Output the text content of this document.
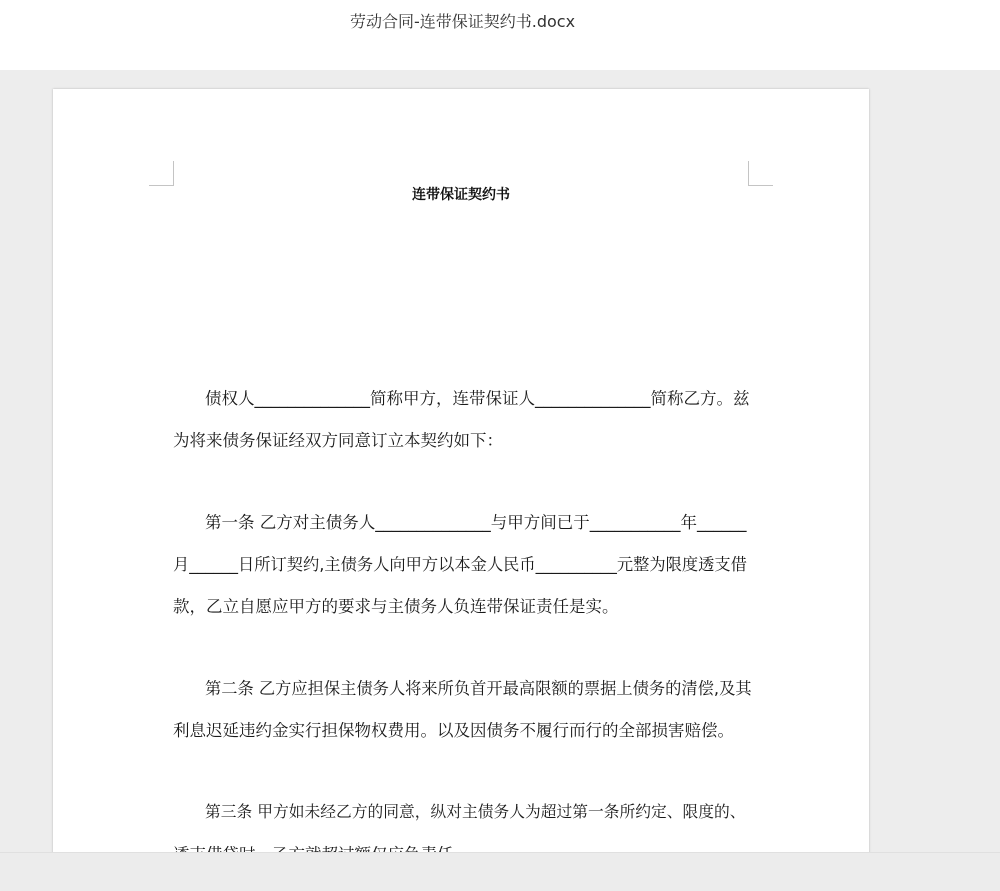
劳动合同-连带保证契约书.docx
连带保证契约书
债权人______________简称甲方，连带保证人______________简称乙方。兹
为将来债务保证经双方同意订立本契约如下：
第一条 乙方对主债务人______________与甲方间已于___________年______
月______日所订契约,主债务人向甲方以本金人民币__________元整为限度透支借
款，乙立自愿应甲方的要求与主债务人负连带保证责任是实。
第二条 乙方应担保主债务人将来所负首开最高限额的票据上债务的清偿,及其
利息迟延违约金实行担保物权费用。以及因债务不履行而行的全部损害赔偿。
第三条 甲方如未经乙方的同意，纵对主债务人为超过第一条所约定、限度的、
